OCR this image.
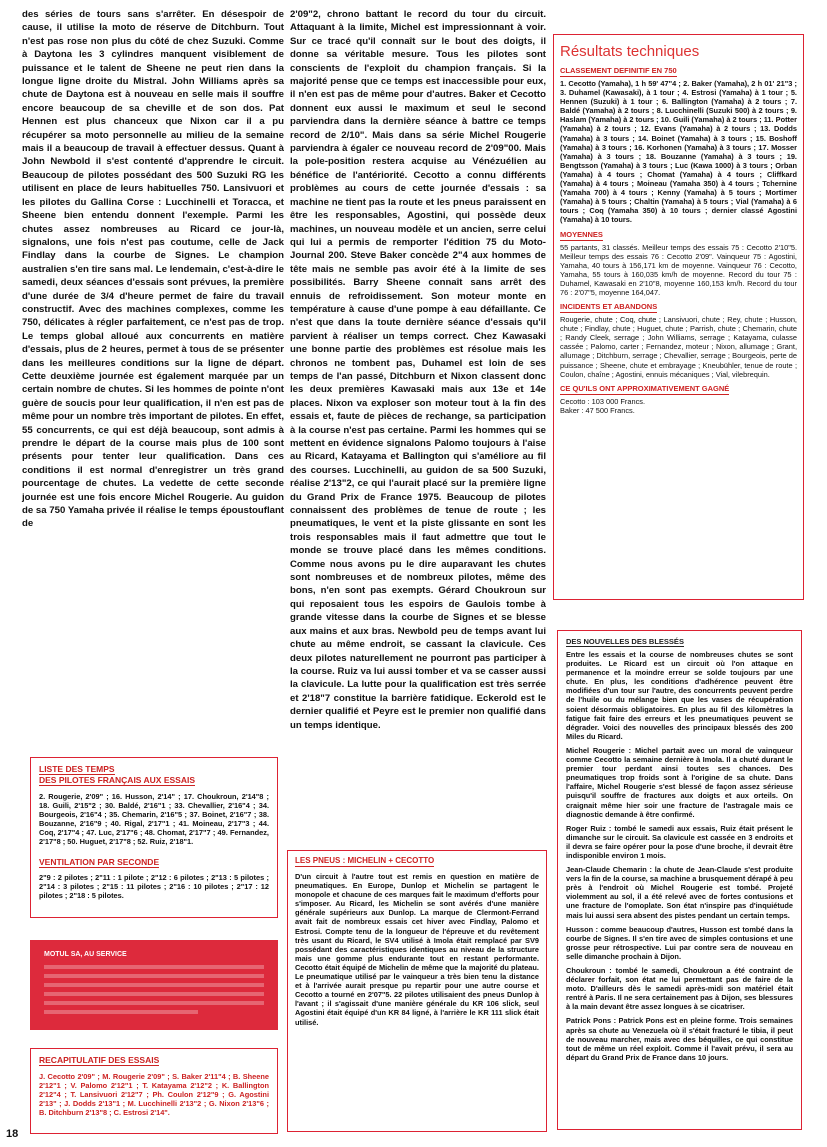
des séries de tours sans s'arrêter. En désespoir de cause, il utilise la moto de réserve de Ditchburn. Tout n'est pas rose non plus du côté de chez Suzuki. Comme à Daytona les 3 cylindres manquent visiblement de puissance et le talent de Sheene ne peut rien dans la longue ligne droite du Mistral. John Williams après sa chute de Daytona est à nouveau en selle mais il souffre encore beaucoup de sa cheville et de son dos. Pat Hennen est plus chanceux que Nixon car il a pu récupérer sa moto personnelle au milieu de la semaine mais il a beaucoup de travail à effectuer dessus. Quant à John Newbold il s'est contenté d'apprendre le circuit. Beaucoup de pilotes possédant des 500 Suzuki RG les utilisent en place de leurs habituelles 750. Lansivuori et les pilotes du Gallina Corse : Lucchinelli et Toracca, et Sheene bien entendu donnent l'exemple. Parmi les chutes assez nombreuses au Ricard ce jour-là, signalons, une fois n'est pas coutume, celle de Jack Findlay dans la courbe de Signes. Le champion australien s'en tire sans mal. Le lendemain, c'est-à-dire le samedi, deux séances d'essais sont prévues, la première d'une durée de 3/4 d'heure permet de faire du travail constructif. Avec des machines complexes, comme les 750, délicates à régler parfaitement, ce n'est pas de trop. Le temps global alloué aux concurrents en matière d'essais, plus de 2 heures, permet à tous de se présenter dans les meilleures conditions sur la ligne de départ. Cette deuxième journée est également marquée par un certain nombre de chutes. Si les hommes de pointe n'ont guère de soucis pour leur qualification, il n'en est pas de même pour un nombre très important de pilotes. En effet, 55 concurrents, ce qui est déjà beaucoup, sont admis à prendre le départ de la course mais plus de 100 sont présents pour tenter leur qualification. Dans ces conditions il est normal d'enregistrer un très grand pourcentage de chutes. La vedette de cette seconde journée est une fois encore Michel Rougerie. Au guidon de sa 750 Yamaha privée il réalise le temps époustouflant de

2'09"2, chrono battant le record du tour du circuit. Attaquant à la limite, Michel est impressionnant à voir. Sur ce tracé qu'il connaît sur le bout des doigts, il donne sa véritable mesure. Tous les pilotes sont conscients de l'exploit du champion français. Si la majorité pense que ce temps est inaccessible pour eux, il n'en est pas de même pour d'autres. Baker et Cecotto donnent eux aussi le maximum et seul le second parviendra dans la dernière séance à battre ce temps record de 2/10". Mais dans sa série Michel Rougerie parviendra à égaler ce nouveau record de 2'09"00. Mais la pole-position restera acquise au Vénézuélien au bénéfice de l'antériorité. Cecotto a connu différents problèmes au cours de cette journée d'essais : sa machine ne tient pas la route et les pneus paraissent en être les responsables, Agostini, qui possède deux machines, un nouveau modèle et un ancien, serre celui qui lui a permis de remporter l'édition 75 du Moto-Journal 200. Steve Baker concède 2"4 aux hommes de tête mais ne semble pas avoir été à la limite de ses possibilités. Barry Sheene connaît sans arrêt des ennuis de refroidissement. Son moteur monte en température à cause d'une pompe à eau défaillante. Ce n'est que dans la toute dernière séance d'essais qu'il parvient à réaliser un temps correct. Chez Kawasaki une bonne partie des problèmes est résolue mais les chronos ne tombent pas, Duhamel est loin de ses temps de l'an passé, Ditchburn et Nixon classent donc les deux premières Kawasaki mais aux 13e et 14e places. Nixon va exploser son moteur tout à la fin des essais et, faute de pièces de rechange, sa participation à la course n'est pas certaine. Parmi les hommes qui se mettent en évidence signalons Palomo toujours à l'aise au Ricard, Katayama et Ballington qui s'améliore au fil des courses. Lucchinelli, au guidon de sa 500 Suzuki, réalise 2'13"2, ce qui l'aurait placé sur la première ligne du Grand Prix de France 1975. Beaucoup de pilotes connaissent des problèmes de tenue de route ; les pneumatiques, le vent et la piste glissante en sont les trois responsables mais il faut admettre que tout le monde se trouve placé dans les mêmes conditions. Comme nous avons pu le dire auparavant les chutes sont nombreuses et de nombreux pilotes, même des bons, n'en sont pas exempts. Gérard Choukroun sur qui reposaient tous les espoirs de Gaulois tombe à grande vitesse dans la courbe de Signes et se blesse aux mains et aux bras. Newbold peu de temps avant lui chute au même endroit, se cassant la clavicule. Ces deux pilotes naturellement ne pourront pas participer à la course. Ruiz va lui aussi tomber et va se casser aussi la clavicule. La lutte pour la qualification est très serrée et 2'18"7 constitue la barrière fatidique. Eckerold est le dernier qualifié et Peyre est le premier non qualifié dans un temps identique.

LISTE DES TEMPS
DES PILOTES FRANÇAIS AUX ESSAIS

2. Rougerie, 2'09" ; 16. Husson, 2'14" ; 17. Choukroun, 2'14"8 ; 18. Guili, 2'15"2 ; 30. Baldé, 2'16"1 ; 33. Chevallier, 2'16"4 ; 34. Bourgeois, 2'16"4 ; 35. Chemarin, 2'16"5 ; 37. Boinet, 2'16"7 ; 38. Bouzanne, 2'16"9 ; 40. Rigal, 2'17"1 ; 41. Moineau, 2'17"3 ; 44. Coq, 2'17"4 ; 47. Luc, 2'17"6 ; 48. Chomat, 2'17"7 ; 49. Fernandez, 2'17"8 ; 50. Huguet, 2'17"8 ; 52. Ruiz, 2'18"1.

VENTILATION PAR SECONDE

2"9 : 2 pilotes ; 2"11 : 1 pilote ; 2"12 : 6 pilotes ; 2"13 : 5 pilotes ; 2"14 : 3 pilotes ; 2"15 : 11 pilotes ; 2"16 : 10 pilotes ; 2"17 : 12 pilotes ; 2"18 : 5 pilotes.

MOTUL SA, AU SERVICE
RECAPITULATIF DES ESSAIS

J. Cecotto 2'09" ; M. Rougerie 2'09" ; S. Baker 2'11"4 ; B. Sheene 2'12"1 ; V. Palomo 2'12"1 ; T. Katayama 2'12"2 ; K. Ballington 2'12"4 ; T. Lansivuori 2'12"7 ; Ph. Coulon 2'12"9 ; G. Agostini 2'13" ; J. Dodds 2'13"1 ; M. Lucchinelli 2'13"2 ; G. Nixon 2'13"6 ; B. Ditchburn 2'13"8 ; C. Estrosi 2'14".

Résultats techniques
CLASSEMENT DEFINITIF EN 750

1. Cecotto (Yamaha), 1 h 59' 47"4 ; 2. Baker (Yamaha), 2 h 01' 21"3 ; 3. Duhamel (Kawasaki), à 1 tour ; 4. Estrosi (Yamaha) à 1 tour ; 5. Hennen (Suzuki) à 1 tour ; 6. Ballington (Yamaha) à 2 tours ; 7. Baldé (Yamaha) à 2 tours ; 8. Lucchinelli (Suzuki 500) à 2 tours ; 9. Haslam (Yamaha) à 2 tours ; 10. Guili (Yamaha) à 2 tours ; 11. Potter (Yamaha) à 2 tours ; 12. Evans (Yamaha) à 2 tours ; 13. Dodds (Yamaha) à 3 tours ; 14. Boinet (Yamaha) à 3 tours ; 15. Boshoff (Yamaha) à 3 tours ; 16. Korhonen (Yamaha) à 3 tours ; 17. Mosser (Yamaha) à 3 tours ; 18. Bouzanne (Yamaha) à 3 tours ; 19. Bengtsson (Yamaha) à 3 tours ; Luc (Kawa 1000) à 3 tours ; Orban (Yamaha) à 4 tours ; Chomat (Yamaha) à 4 tours ; Cliffkard (Yamaha) à 4 tours ; Moineau (Yamaha 350) à 4 tours ; Tchernine (Yamaha 700) à 4 tours ; Kenny (Yamaha) à 5 tours ; Mortimer (Yamaha) à 5 tours ; Chaltin (Yamaha) à 5 tours ; Vial (Yamaha) à 6 tours ; Coq (Yamaha 350) à 10 tours ; dernier classé Agostini (Yamaha) à 10 tours.

MOYENNES

55 partants, 31 classés. Meilleur temps des essais 75 : Cecotto 2'10"5. Meilleur temps des essais 76 : Cecotto 2'09". Vainqueur 75 : Agostini, Yamaha, 40 tours à 156,171 km de moyenne. Vainqueur 76 : Cecotto, Yamaha, 55 tours à 160,035 km/h de moyenne. Record du tour 75 : Duhamel, Kawasaki en 2'10"8, moyenne 160,153 km/h. Record du tour 76 : 2'07"5, moyenne 164,047.

INCIDENTS ET ABANDONS

Rougerie, chute ; Coq, chute ; Lansivuori, chute ; Rey, chute ; Husson, chute ; Findlay, chute ; Huguet, chute ; Parrish, chute ; Chemarin, chute ; Randy Cleek, serrage ; John Williams, serrage ; Katayama, culasse cassée ; Palomo, carter ; Fernandez, moteur ; Nixon, allumage ; Grant, allumage ; Ditchburn, serrage ; Chevallier, serrage ; Bourgeois, perte de puissance ; Sheene, chute et embrayage ; Kneubühler, tenue de route ; Coulon, chaîne ; Agostini, ennuis mécaniques ; Vial, vilebrequin.

CE QU'ILS ONT APPROXIMATIVEMENT GAGNÉ

Cecotto : 103 000 Francs.

Baker : 47 500 Francs.

DES NOUVELLES DES BLESSÉS

Entre les essais et la course de nombreuses chutes se sont produites. Le Ricard est un circuit où l'on attaque en permanence et la moindre erreur se solde toujours par une chute. En plus, les conditions d'adhérence peuvent être modifiées d'un tour sur l'autre, des concurrents peuvent perdre de l'huile ou du mélange bien que les vases de récupération soient désormais obligatoires. En plus au fil des kilomètres la fatigue fait faire des erreurs et les pneumatiques peuvent se dégrader. Voici des nouvelles des principaux blessés des 200 Miles du Ricard.

Michel Rougerie : Michel partait avec un moral de vainqueur comme Cecotto la semaine dernière à Imola. Il a chuté durant le premier tour perdant ainsi toutes ses chances. Des pneumatiques trop froids sont à l'origine de sa chute. Dans l'affaire, Michel Rougerie s'est blessé de façon assez sérieuse puisqu'il souffre de fractures aux doigts et aux orteils. On craignait même hier soir une fracture de l'astragale mais ce diagnostic demande à être confirmé.

Roger Ruiz : tombé le samedi aux essais, Ruiz était présent le dimanche sur le circuit. Sa clavicule est cassée en 3 endroits et il devra se faire opérer pour la pose d'une broche, il devrait être indisponible environ 1 mois.

Jean-Claude Chemarin : la chute de Jean-Claude s'est produite vers la fin de la course, sa machine a brusquement dérapé à peu près à l'endroit où Michel Rougerie est tombé. Projeté violemment au sol, il a été relevé avec de fortes contusions et une fracture de l'omoplate. Son état n'inspire pas d'inquiétude mais lui aussi sera absent des pistes pendant un certain temps.

Husson : comme beaucoup d'autres, Husson est tombé dans la courbe de Signes. Il s'en tire avec de simples contusions et une grosse peur rétrospective. Lui par contre sera de nouveau en selle dimanche prochain à Dijon.

Choukroun : tombé le samedi, Choukroun a été contraint de déclarer forfait, son état ne lui permettant pas de faire de la moto. D'ailleurs dès le samedi après-midi son matériel était rentré à Paris. Il ne sera certainement pas à Dijon, ses blessures à la main devant être assez longues à se cicatriser.

Patrick Pons : Patrick Pons est en pleine forme. Trois semaines après sa chute au Venezuela où il s'était fracturé le tibia, il peut de nouveau marcher, mais avec des béquilles, ce qui constitue tout de même un réel exploit. Comme il l'avait prévu, il sera au départ du Grand Prix de France dans 10 jours.

LES PNEUS : MICHELIN + CECOTTO

D'un circuit à l'autre tout est remis en question en matière de pneumatiques. En Europe, Dunlop et Michelin se partagent le monopole et chacune de ces marques fait le maximum d'efforts pour s'imposer. Au Ricard, les Michelin se sont avérés d'une manière générale supérieurs aux Dunlop. La marque de Clermont-Ferrand avait fait de nombreux essais cet hiver avec Findlay, Palomo et Estrosi. Compte tenu de la longueur de l'épreuve et du revêtement très usant du Ricard, le SV4 utilisé à Imola était remplacé par SV9 possédant des caractéristiques identiques au niveau de la structure mais une gomme plus endurante tout en restant performante. Cecotto était équipé de Michelin de même que la majorité du plateau. Le pneumatique utilisé par le vainqueur a très bien tenu la distance et à l'arrivée aurait presque pu repartir pour une autre course et Cecotto a tourné en 2'07"5. 22 pilotes utilisaient des pneus Dunlop à l'avant ; il s'agissait d'une manière générale du KR 106 slick, seul Agostini était équipé d'un KR 84 ligné, à l'arrière le KR 111 slick était utilisé.

18
